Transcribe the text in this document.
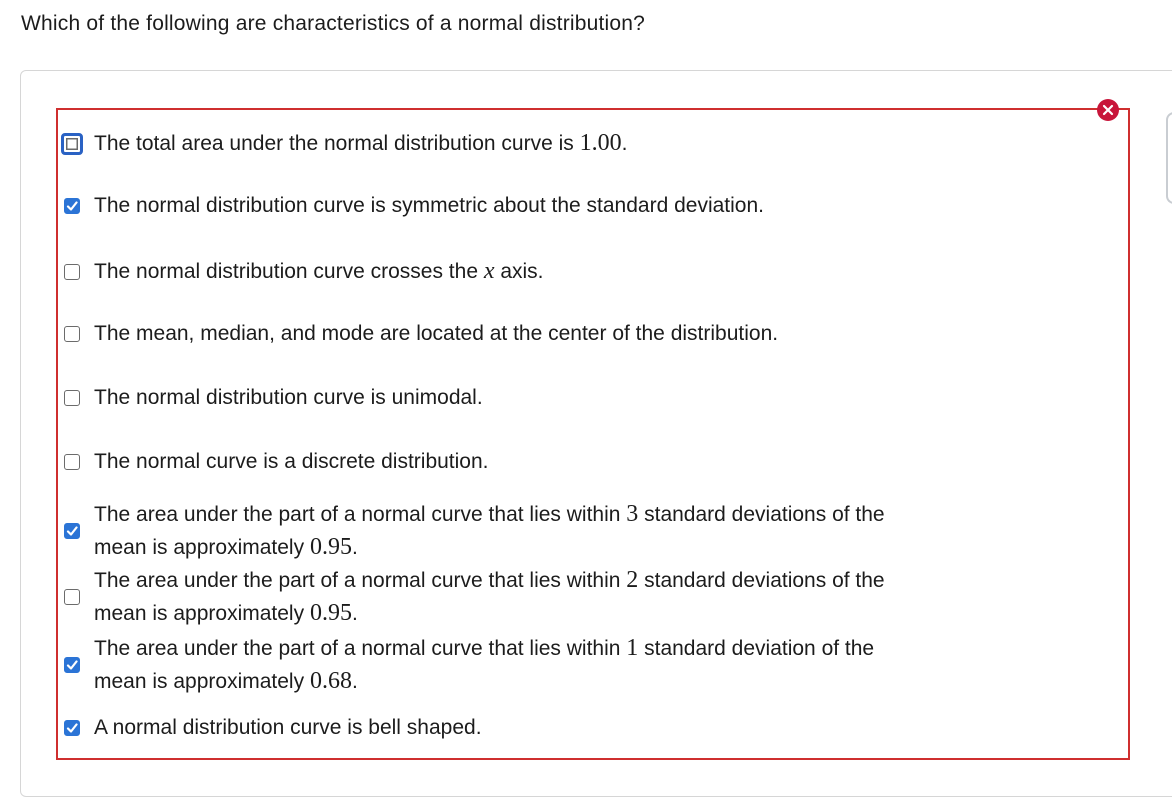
Which of the following are characteristics of a normal distribution?
The total area under the normal distribution curve is 1.00.
The normal distribution curve is symmetric about the standard deviation.
The normal distribution curve crosses the x axis.
The mean, median, and mode are located at the center of the distribution.
The normal distribution curve is unimodal.
The normal curve is a discrete distribution.
The area under the part of a normal curve that lies within 3 standard deviations of the
mean is approximately 0.95.
The area under the part of a normal curve that lies within 2 standard deviations of the
mean is approximately 0.95.
The area under the part of a normal curve that lies within 1 standard deviation of the
mean is approximately 0.68.
A normal distribution curve is bell shaped.
